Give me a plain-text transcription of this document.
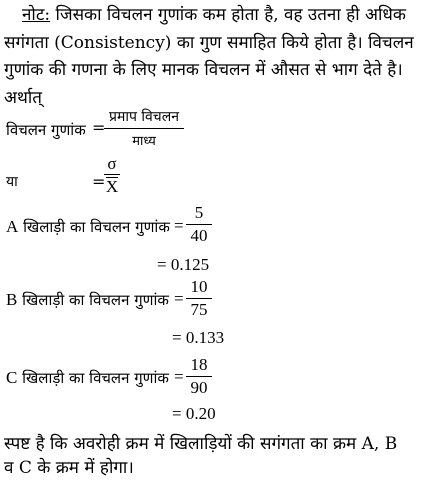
नोट: जिसका विचलन गुणांक कम होता है, वह उतना ही अधिक
सगंगता (Consistency) का गुण समाहित किये होता है। विचलन
गुणांक की गणना के लिए मानक विचलन में औसत से भाग देते है।
अर्थात्
विचलन गुणांक =
प्रमाप विचलन
माध्य
या	=
σ
X
A खिलाड़ी का विचलन गुणांक =
5
40
= 0.125
B खिलाड़ी का विचलन गुणांक =
10
75
= 0.133
C खिलाड़ी का विचलन गुणांक =
18
90
= 0.20
स्पष्ट है कि अवरोही क्रम में खिलाड़ियों की सगंगता का क्रम A, B
व C के क्रम में होगा।
